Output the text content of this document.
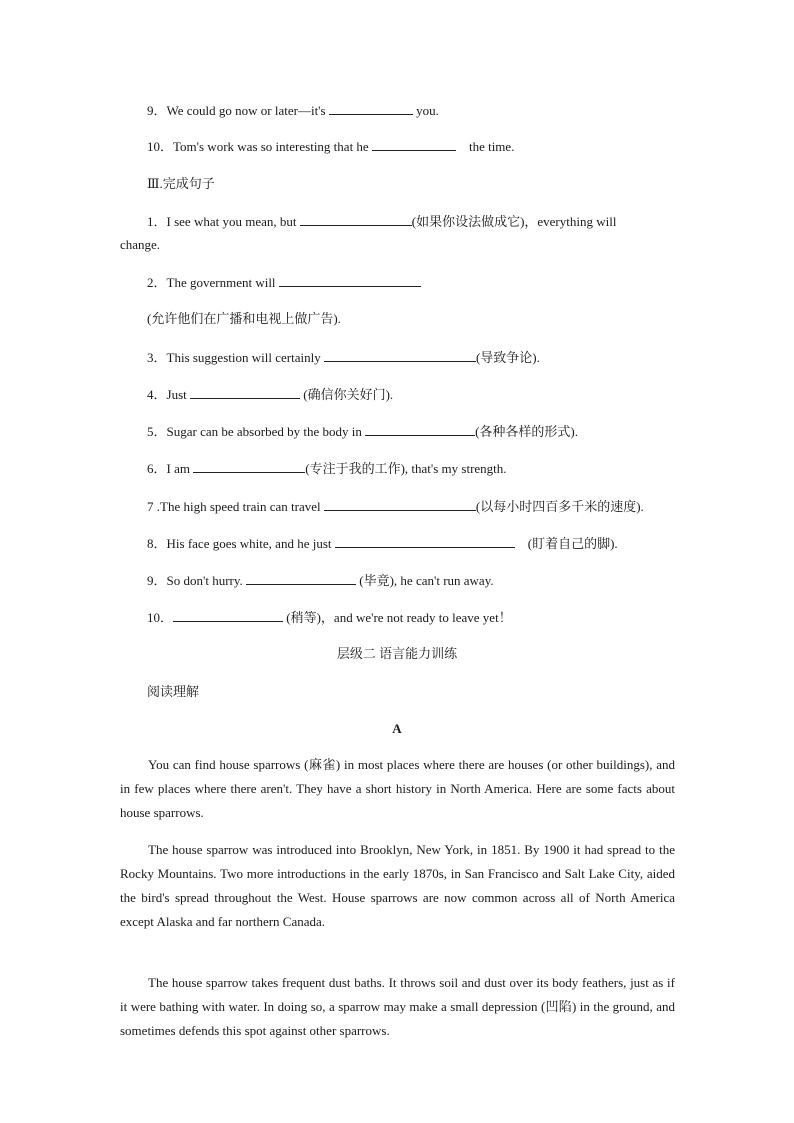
9．We could go now or later—it's	you.
10．Tom's work was so interesting that he	the time.
Ⅲ.完成句子
1．I see what you mean, but	(如果你设法做成它)，everything will
change.
2．The government will
(允许他们在广播和电视上做广告).
3．This suggestion will certainly	(导致争论).
4．Just	(确信你关好门).
5．Sugar can be absorbed by the body in	(各种各样的形式).
6．I am	(专注于我的工作), that's my strength.
7 .The high speed train can travel	(以每小时四百多千米的速度).
8．His face goes white, and he just	(盯着自己的脚).
9．So don't hurry.	(毕竟), he can't run away.
10．	(稍等)，and we're not ready to leave yet！
层级二 语言能力训练
阅读理解
A
You can find house sparrows (麻雀) in most places where there are houses (or other buildings), and in few places where there aren't. They have a short history in North America. Here are some facts about house sparrows.
The house sparrow was introduced into Brooklyn, New York, in 1851. By 1900 it had spread to the Rocky Mountains. Two more introductions in the early 1870s, in San Francisco and Salt Lake City, aided the bird's spread throughout the West. House sparrows are now common across all of North America except Alaska and far northern Canada.
The house sparrow takes frequent dust baths. It throws soil and dust over its body feathers, just as if it were bathing with water. In doing so, a sparrow may make a small depression (凹陷) in the ground, and sometimes defends this spot against other sparrows.
